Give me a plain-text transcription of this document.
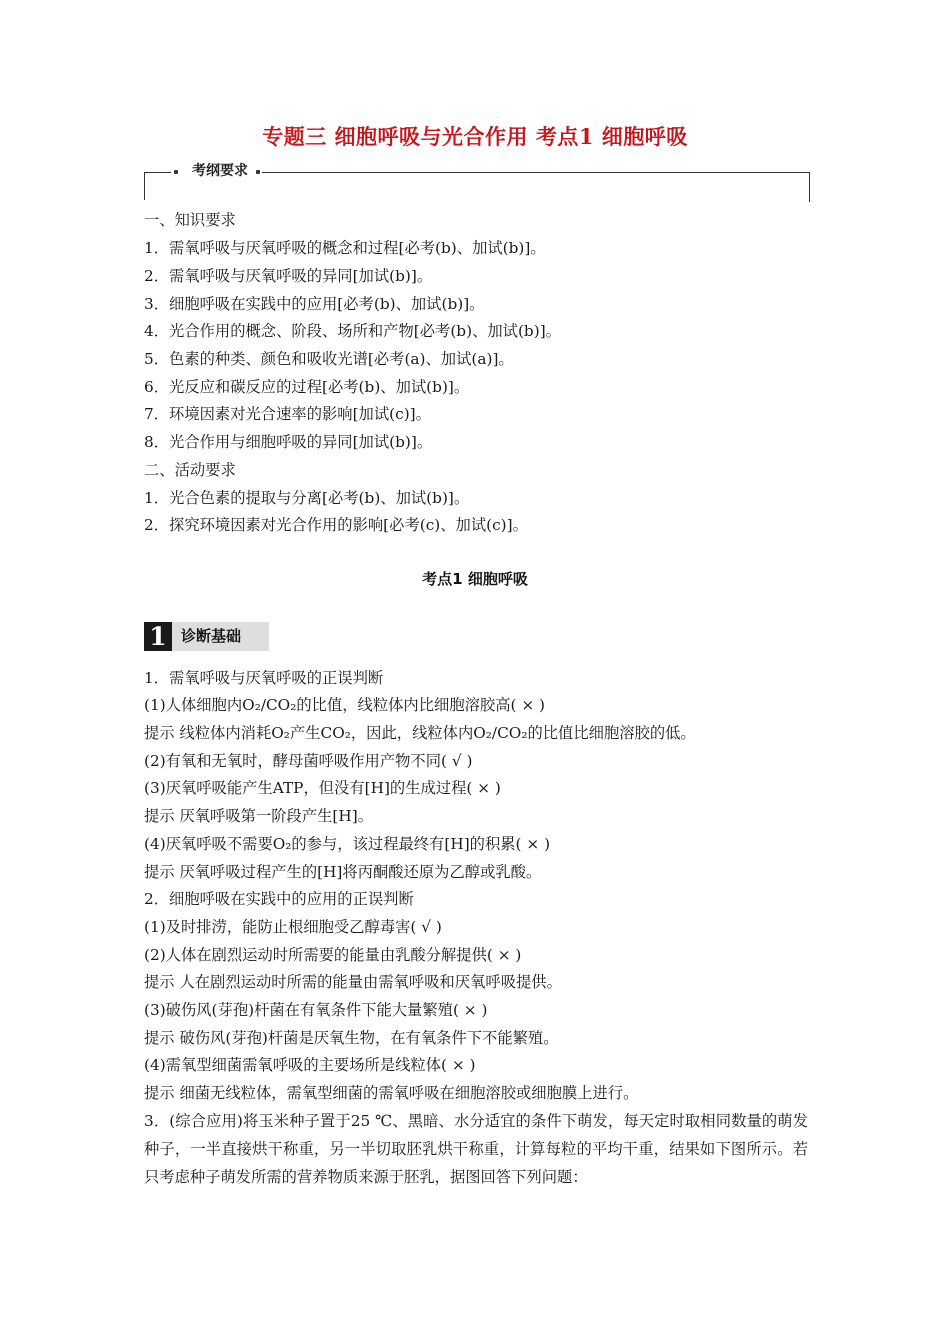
专题三 细胞呼吸与光合作用 考点1 细胞呼吸
考纲要求
一、知识要求
1．需氧呼吸与厌氧呼吸的概念和过程[必考(b)、加试(b)]。
2．需氧呼吸与厌氧呼吸的异同[加试(b)]。
3．细胞呼吸在实践中的应用[必考(b)、加试(b)]。
4．光合作用的概念、阶段、场所和产物[必考(b)、加试(b)]。
5．色素的种类、颜色和吸收光谱[必考(a)、加试(a)]。
6．光反应和碳反应的过程[必考(b)、加试(b)]。
7．环境因素对光合速率的影响[加试(c)]。
8．光合作用与细胞呼吸的异同[加试(b)]。
二、活动要求
1．光合色素的提取与分离[必考(b)、加试(b)]。
2．探究环境因素对光合作用的影响[必考(c)、加试(c)]。
考点1 细胞呼吸
1 诊断基础
1．需氧呼吸与厌氧呼吸的正误判断
(1)人体细胞内O₂/CO₂的比值，线粒体内比细胞溶胶高( × )
提示 线粒体内消耗O₂产生CO₂，因此，线粒体内O₂/CO₂的比值比细胞溶胶的低。
(2)有氧和无氧时，酵母菌呼吸作用产物不同( √ )
(3)厌氧呼吸能产生ATP，但没有[H]的生成过程( × )
提示 厌氧呼吸第一阶段产生[H]。
(4)厌氧呼吸不需要O₂的参与，该过程最终有[H]的积累( × )
提示 厌氧呼吸过程产生的[H]将丙酮酸还原为乙醇或乳酸。
2．细胞呼吸在实践中的应用的正误判断
(1)及时排涝，能防止根细胞受乙醇毒害( √ )
(2)人体在剧烈运动时所需要的能量由乳酸分解提供( × )
提示 人在剧烈运动时所需的能量由需氧呼吸和厌氧呼吸提供。
(3)破伤风(芽孢)杆菌在有氧条件下能大量繁殖( × )
提示 破伤风(芽孢)杆菌是厌氧生物，在有氧条件下不能繁殖。
(4)需氧型细菌需氧呼吸的主要场所是线粒体( × )
提示 细菌无线粒体，需氧型细菌的需氧呼吸在细胞溶胶或细胞膜上进行。
3．(综合应用)将玉米种子置于25 ℃、黑暗、水分适宜的条件下萌发，每天定时取相同数量的萌发种子，一半直接烘干称重，另一半切取胚乳烘干称重，计算每粒的平均干重，结果如下图所示。若只考虑种子萌发所需的营养物质来源于胚乳，据图回答下列问题：
